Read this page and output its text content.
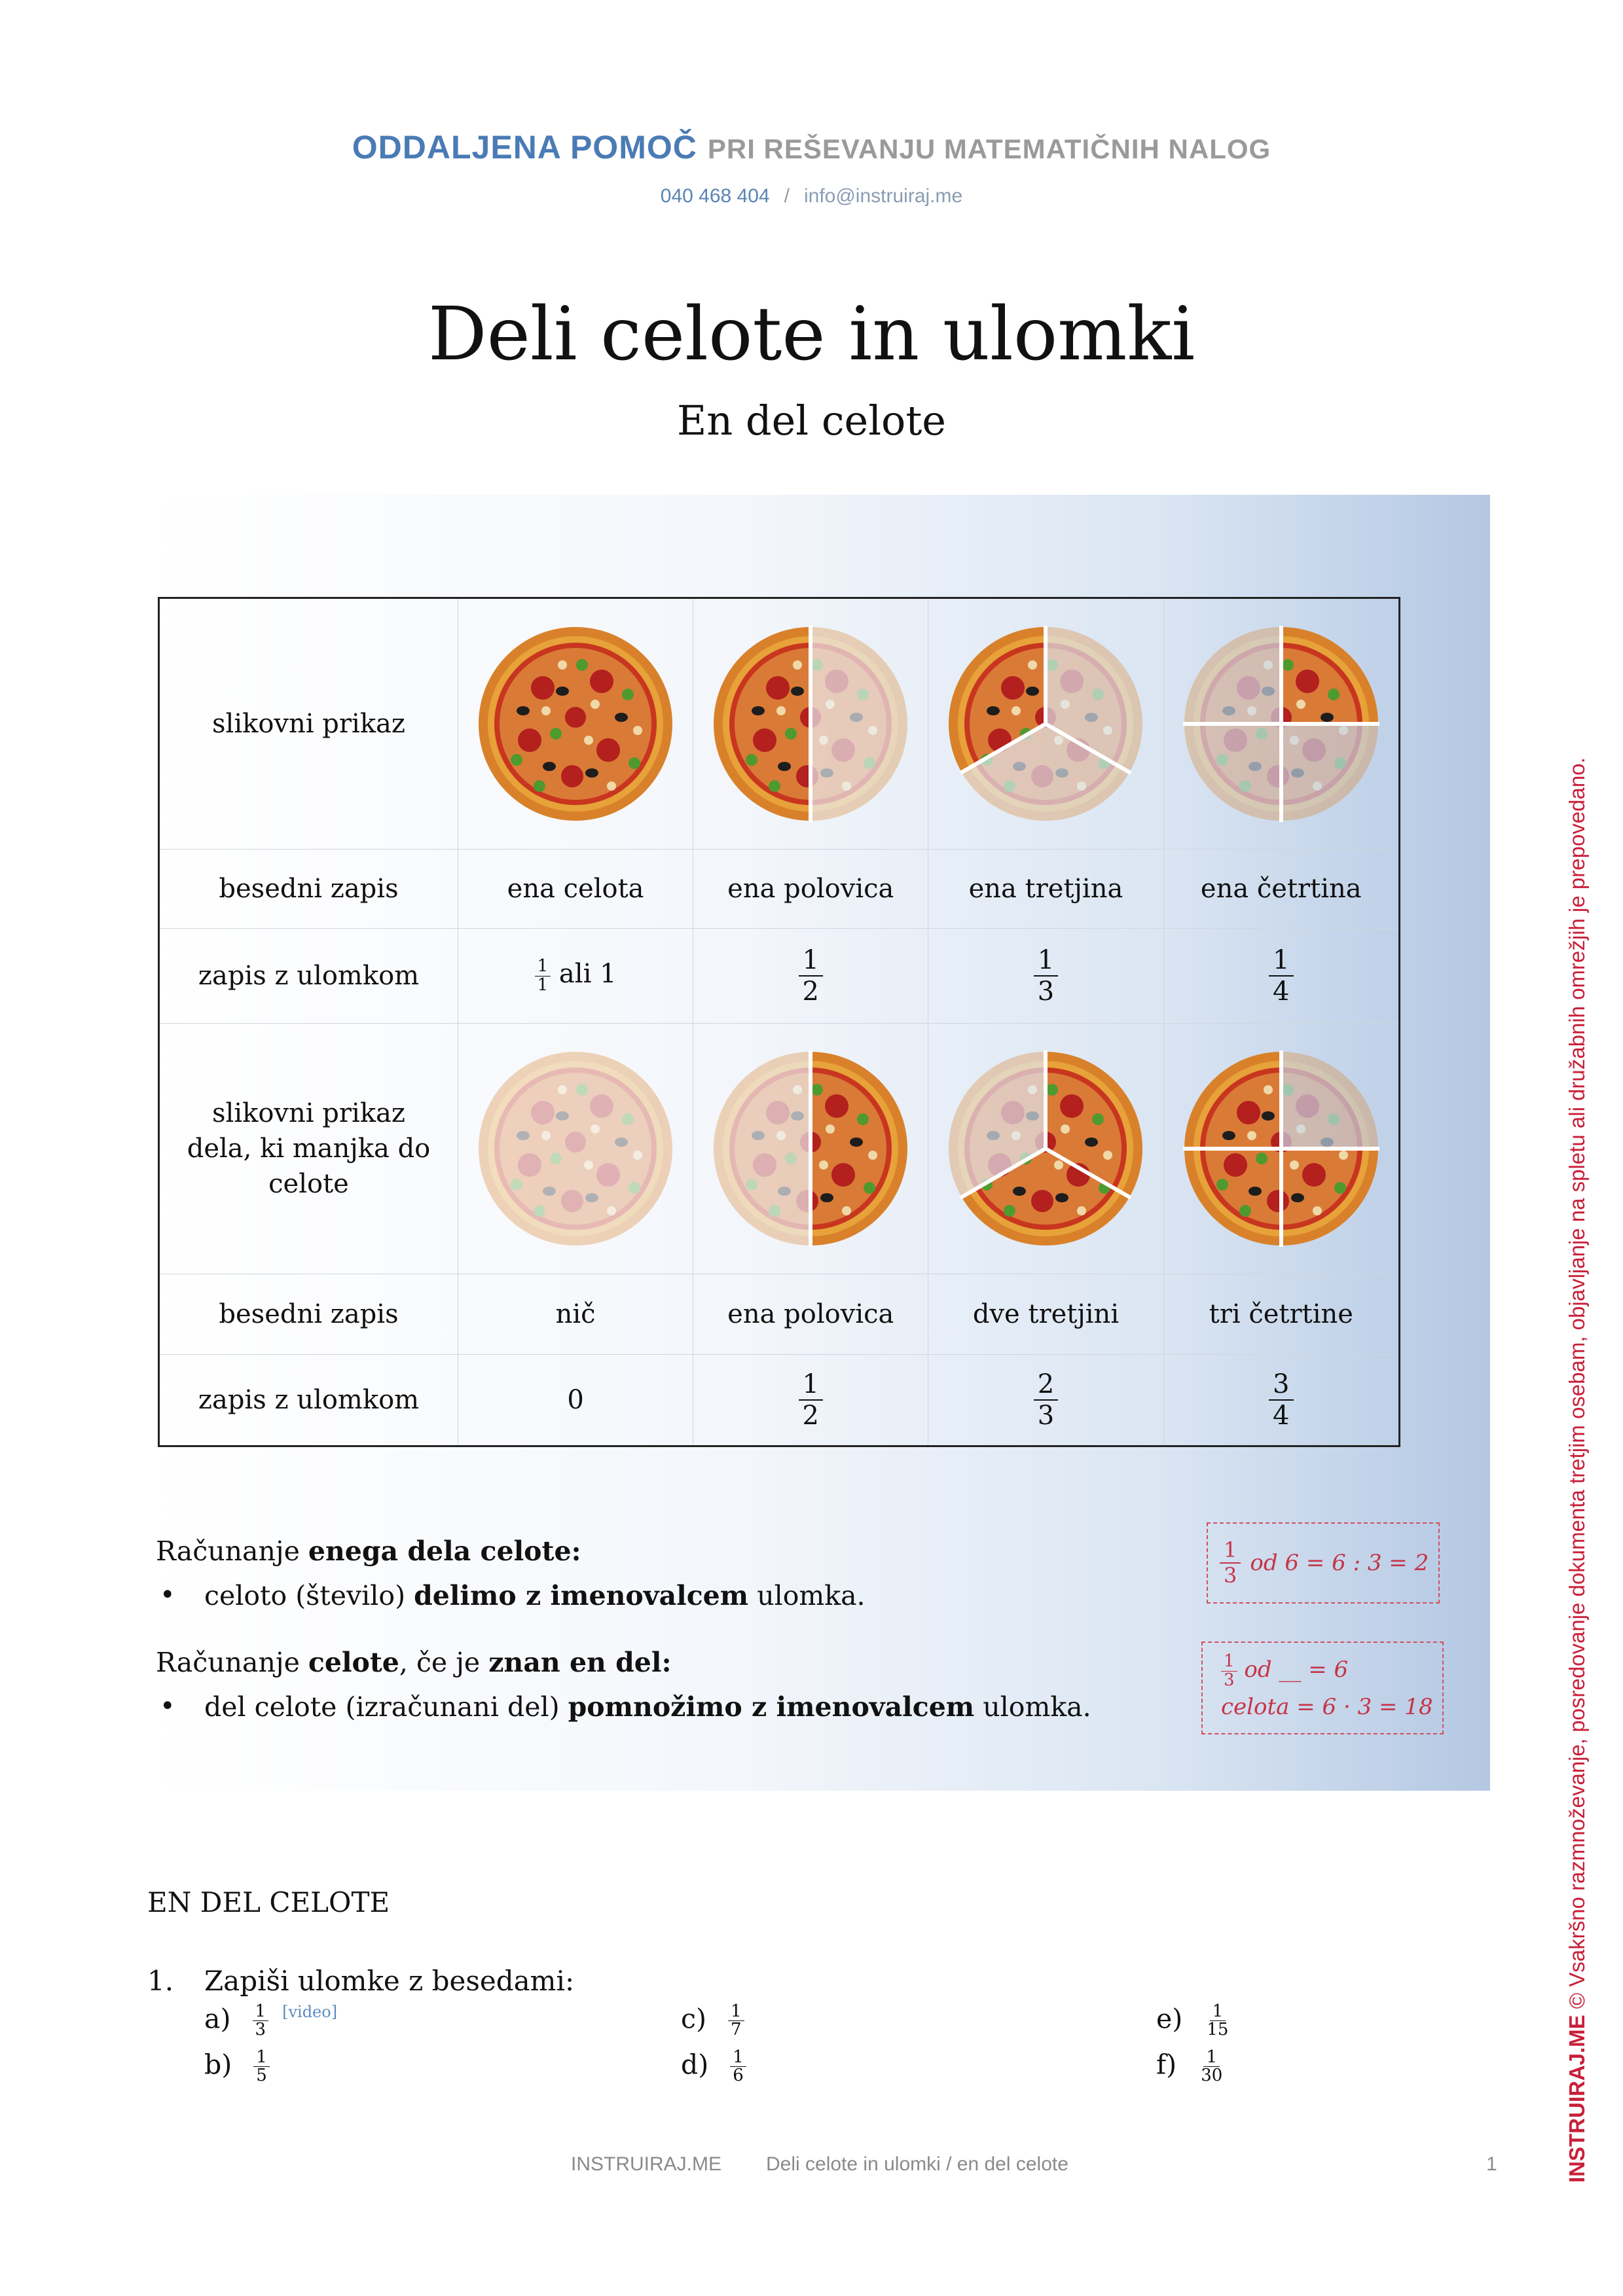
ODDALJENA POMOČ PRI REŠEVANJU MATEMATIČNIH NALOG
040 468 404 / info@instruiraj.me
Deli celote in ulomki
En del celote
slikovni prikaz	

besedni zapis	ena celota	ena polovica	ena tretjina	ena četrtina
zapis z ulomkom	$\frac{1}{1}$ ali 1	$\frac{1}{2}$	$\frac{1}{3}$	$\frac{1}{4}$

slikovni prikaz dela, ki manjka do celote	

besedni zapis	nič	ena polovica	dve tretjini	tri četrtine
zapis z ulomkom	0	$\frac{1}{2}$	$\frac{2}{3}$	$\frac{3}{4}$
Računanje enega dela celote:
• celoto (število) delimo z imenovalcem ulomka.
Računanje celote, če je znan en del:
• del celote (izračunani del) pomnožimo z imenovalcem ulomka.
$\frac{1}{3}$ od 6 = 6 : 3 = 2
$\frac{1}{3}$ od __ = 6
celota = 6 · 3 = 18
EN DEL CELOTE
1. Zapiši ulomke z besedami:
$a) \frac{1}{3} [video]$
$b) \frac{1}{5}$
$c) \frac{1}{7}$
$d) \frac{1}{6}$
$e) \frac{1}{15}$
$f) \frac{1}{30}$
INSTRUIRAJ.ME Deli celote in ulomki / en del celote	1	INSTRUIRAJ.ME © Vsakršno razmnoževanje, posredovanje dokumenta tretjim osebam, objavljanje na spletu ali družabnih omrežjih je prepovedano.
